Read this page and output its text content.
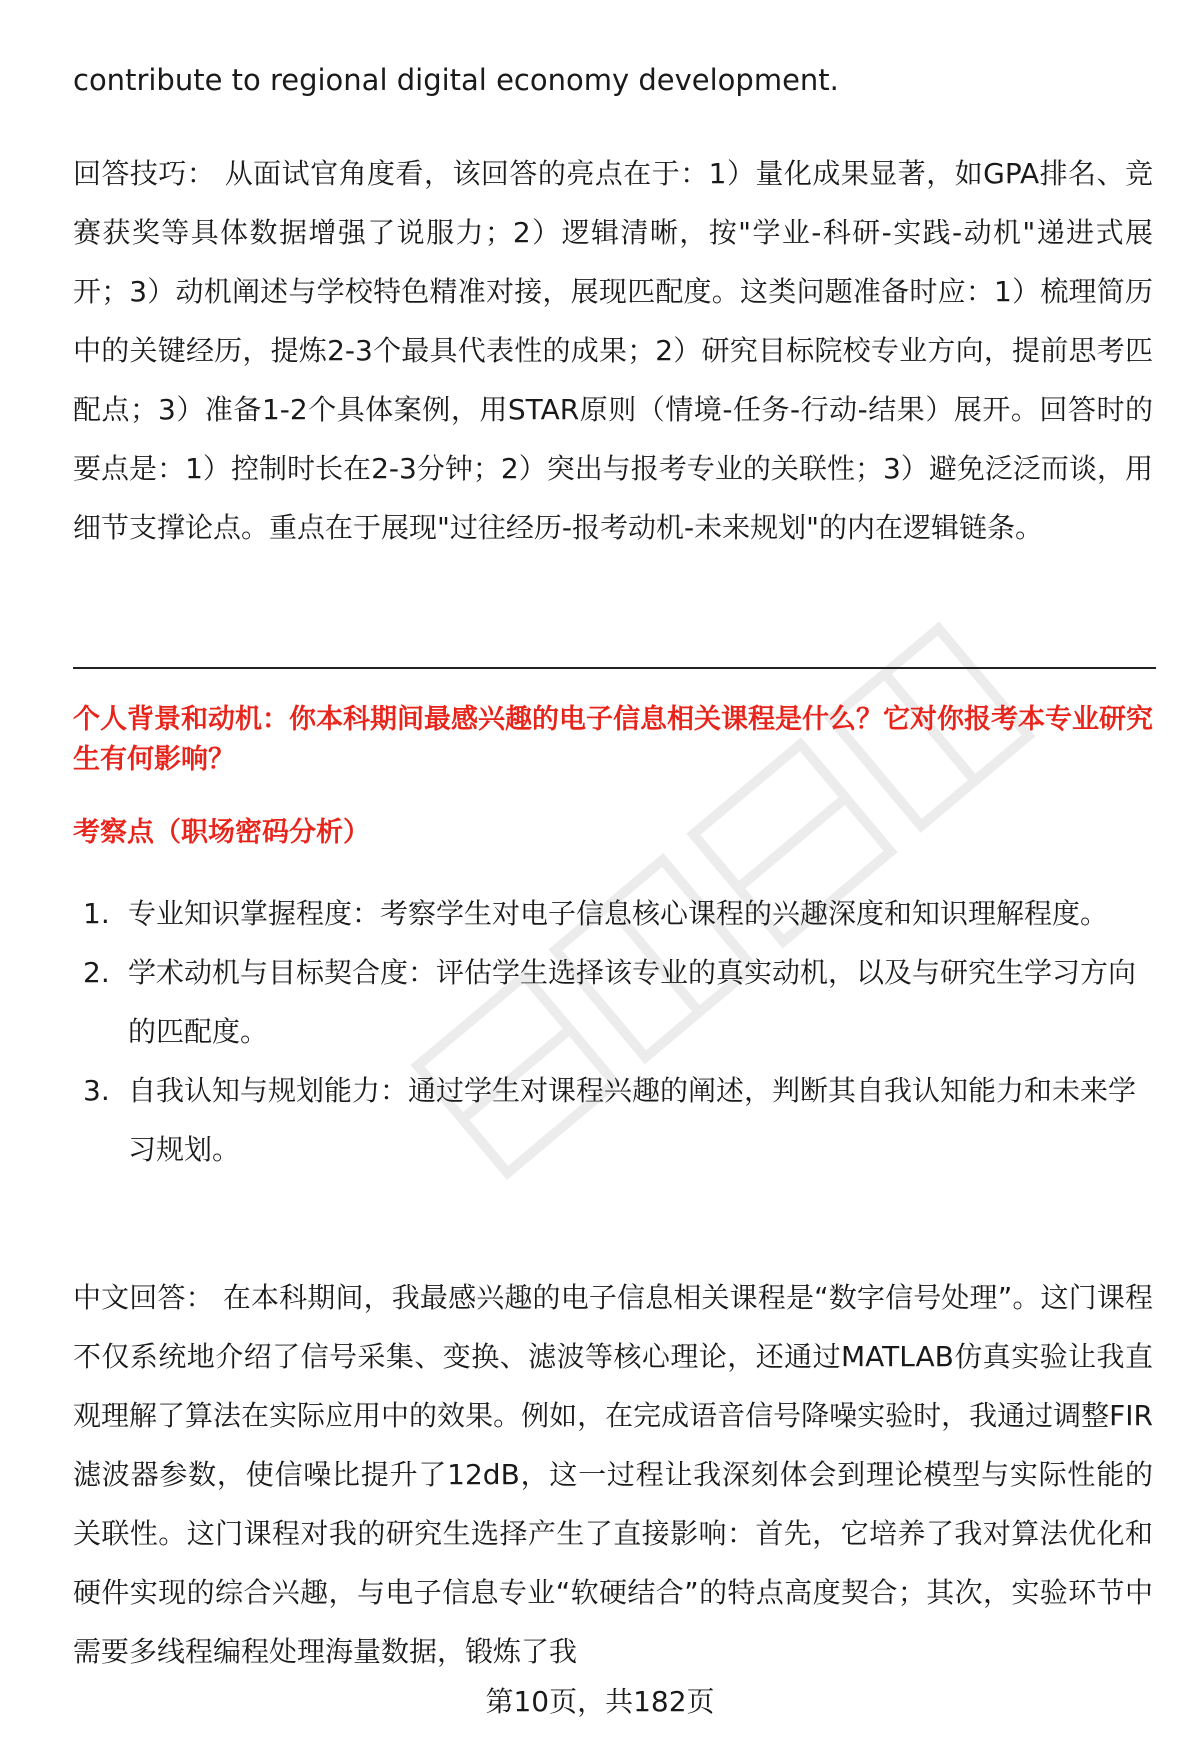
contribute to regional digital economy development.

回答技巧： 从面试官角度看，该回答的亮点在于：1）量化成果显著，如GPA排名、竞赛获奖等具体数据增强了说服力；2）逻辑清晰，按"学业-科研-实践-动机"递进式展开；3）动机阐述与学校特色精准对接，展现匹配度。这类问题准备时应：1）梳理简历中的关键经历，提炼2-3个最具代表性的成果；2）研究目标院校专业方向，提前思考匹配点；3）准备1-2个具体案例，用STAR原则（情境-任务-行动-结果）展开。回答时的要点是：1）控制时长在2-3分钟；2）突出与报考专业的关联性；3）避免泛泛而谈，用细节支撑论点。重点在于展现"过往经历-报考动机-未来规划"的内在逻辑链条。

个人背景和动机：你本科期间最感兴趣的电子信息相关课程是什么？它对你报考本专业研究生有何影响？

考察点（职场密码分析）

1. 专业知识掌握程度：考察学生对电子信息核心课程的兴趣深度和知识理解程度。
2. 学术动机与目标契合度：评估学生选择该专业的真实动机，以及与研究生学习方向的匹配度。
3. 自我认知与规划能力：通过学生对课程兴趣的阐述，判断其自我认知能力和未来学习规划。

中文回答： 在本科期间，我最感兴趣的电子信息相关课程是“数字信号处理”。这门课程不仅系统地介绍了信号采集、变换、滤波等核心理论，还通过MATLAB仿真实验让我直观理解了算法在实际应用中的效果。例如，在完成语音信号降噪实验时，我通过调整FIR滤波器参数，使信噪比提升了12dB，这一过程让我深刻体会到理论模型与实际性能的关联性。这门课程对我的研究生选择产生了直接影响：首先，它培养了我对算法优化和硬件实现的综合兴趣，与电子信息专业“软硬结合”的特点高度契合；其次，实验环节中需要多线程编程处理海量数据，锻炼了我

第10页，共182页
